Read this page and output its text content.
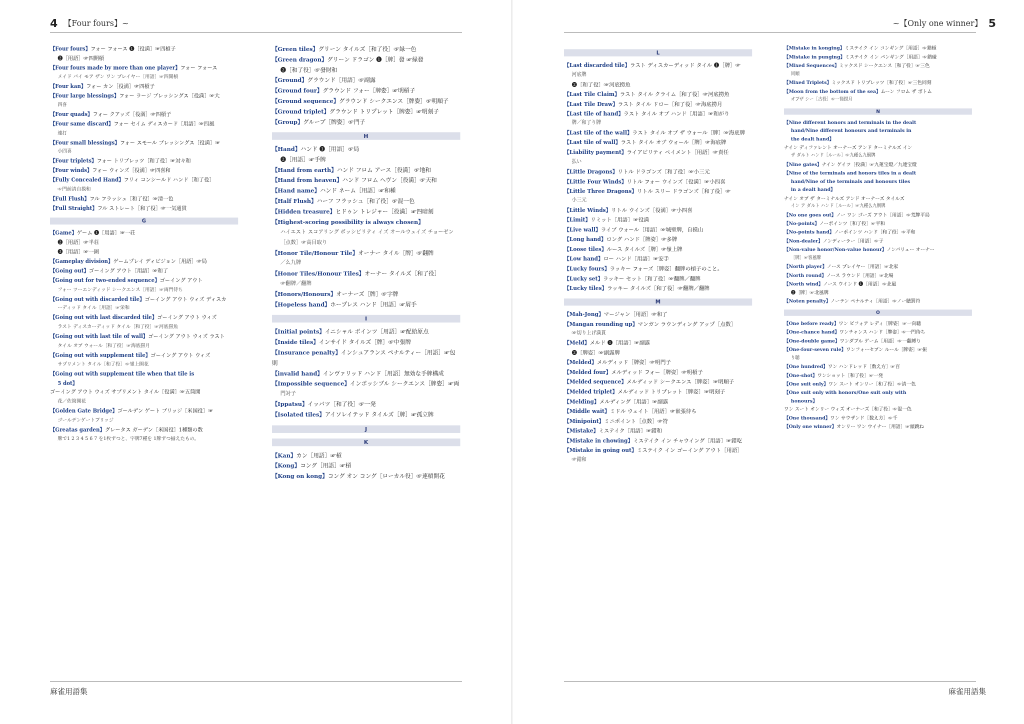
4 【Four fours】~
【Four fours】フォー フォース ❶［役満］☞四槓子
❷［用語］☞四開槓
【Four fours made by more than one player】フォー フォース
メイド バイ モア ザン ワン プレイヤー［用語］☞四開槓
【Four kan】フォー カン［役満］☞四槓子
【Four large blessings】フォー ラージ ブレッシングス［役満］☞大
四喜
【Four quads】フォー クアッズ［役満］☞四槓子
【Four same discard】フォー セイム ディスカード［用語］☞四風
連打
【Four small blessings】フォー スモール ブレッシングス［役満］☞
小四喜
【Four triplets】フォー トリプレッツ［和了役］☞対々和
【Four winds】フォー ウィンズ［役満］☞四喜和
【Fully Concealed Hand】フリィ コンシールド ハンド［和了役］
☞門前清自摸和
【Full Flush】フル フラッシュ［和了役］☞清一色
【Full Straight】フル ストレート［和了役］☞一気通貫
G
【Game】ゲーム ❶［用語］☞一荘
❷［用語］☞半荘
❸［用語］☞一圏
【Gameplay division】ゲームプレイ ディビジョン［用語］☞局
【Going out】ゴーイング アウト［用語］☞和了
【Going out for two-ended sequence】ゴーイング アウト
フォー ツーエンディッド シークエンス［用語］☞両門待ち
【Going out with discarded tile】ゴーイング アウト ウィズ ディスカ
ーディッド タイル［用語］☞栄和
【Going out with last discarded tile】ゴーイング アウト ウィズ
ラスト ディスカーディッド タイル［和了役］☞河底撈魚
【Going out with last tile of wall】ゴーイング アウト ウィズ ラスト
タイル オブ ウォール［和了役］☞海底撈月
【Going out with supplement tile】ゴーイング アウト ウィズ
サプリメント タイル［和了役］☞嶺上開花
【Going out with supplement tile when that tile is
5 dot】
ゴーイング アウト ウィズ サプリメント タイル［役満］☞五筒開
花／佐筒開花
【Golden Gate Bridge】ゴールデン ゲート ブリッジ［米国役］☞
ゴールデンゲートブリッジ
【Greatas garden】グレータス ガーデン［米国役］1種類の数
牌で1 2 3 4 5 6 7 を1枚ずつと、字牌7種を 1牌ずつ揃えたもの。
【Green tiles】グリーン タイルズ［和了役］☞緑一色
【Green dragon】グリーン ドラゴン ❶［牌］發 ☞緑發
❷［和了役］☞發財和
【Ground】グラウンド［用語］☞副露
【Ground four】グラウンド フォー［牌姿］☞明槓子
【Ground sequence】グラウンド シークエンス［牌姿］☞明順子
【Ground triplet】グラウンド トリプレット［牌姿］☞明刻子
【Group】グループ［牌姿］☞門子
H
【Hand】ハンド ❶［用語］☞局
❷［用語］☞手牌
【Hand from earth】ハンド フロム アース［役満］☞地和
【Hand from heaven】ハンド フロム ヘヴン［役満］☞天和
【Hand name】ハンド ネーム［用語］☞和種
【Half Flush】ハーフ フラッシュ［和了役］☞混一色
【Hidden treasure】ヒドゥン トレジャー［役満］☞四暗刻
【Highest-scoring possibility is always chosen】
ハイエスト スコアリング ポッシビリティ イズ オールウェイズ チョーゼン［点数］☞高目取り
【Honor Tile/Honour Tile】オーナー タイル［牌］☞翻牌
／么九牌
【Honor Tiles/Honour Tiles】オーナー タイルズ［和了役］
☞翻牌／翻牌
【Honors/Honours】オーナーズ［牌］☞字牌
【Hopeless hand】ホープレス ハンド［用語］☞屑手
I
【Initial points】イニシャル ポインツ［用語］☞配給原点
【Inside tiles】インサイド タイルズ［牌］☞中張牌
【Insurance penalty】インシュアランス ペナルティー［用語］☞包則
【invalid hand】インヴァリッド ハンド［用語］無効な手牌構成
【Impossible sequence】インポッシブル シークエンス［牌姿］☞両
門対子
【Ippatsu】イッパツ［和了役］☞一発
【Isolated tiles】アイソレイテッド タイルズ［牌］☞孤立牌
J
K
【Kan】カン［用語］☞槓
【Kong】コング［用語］☞槓
【Kong on kong】コング オン コング［ローカル役］☞連槓開花
麻雀用語集
~【Only one winner】 5
L
【Last discarded tile】ラスト ディスカーディッド タイル ❶［牌］☞
河底牌
❷［和了役］☞河底撈魚
【Last Tile Claim】ラスト タイル クライム［和了役］☞河底撈魚
【Last Tile Draw】ラスト タイル ドロー［和了役］☞海底撈月
【Last tile of hand】ラスト タイル オブ ハンド［用語］☞和がり
牌／和了り牌
【Last tile of the wall】ラスト タイル オブ ザ ウォール［牌］☞海底牌
【Last tile of wall】ラスト タイル オブ ウォール［牌］☞海底牌
【Liability payment】ライアビリティ ペイメント［用語］☞責任
払い
【Little Dragons】リトル ドラゴンズ［和了役］☞小三元
【Little Four Winds】リトル フォー ウインズ［役満］☞小四喜
【Little Three Dragons】リトル スリー ドラゴンズ［和了役］☞
小三元
【Little Winds】リトル ウインズ［役満］☞小四喜
【Limit】リミット［用語］☞役満
【Live wall】ライブ ウォール［用語］☞城壁牌，自摸山
【Long hand】ロング ハンド［牌姿］☞多牌
【Loose tiles】ルース タイルズ［牌］☞嶺上牌
【Low hand】ロー ハンド［用語］☞安手
【Lucky fours】ラッキー フォーズ［牌姿］翻牌の槓子のこと。
【Lucky set】ラッキー セット［和了役］☞翻牌／翻牌
【Lucky tiles】ラッキー タイルズ［和了役］☞翻牌／翻牌
M
【Mah-Jong】マージャン［用語］☞和了
【Mangan rounding up】マンガン ラウンディング アップ［点数］
☞切り上げ満貫
【Meld】メルド ❶［用語］☞副露
❷［牌姿］☞副露牌
【Melded】メルディッド［牌姿］☞明門子
【Melded four】メルディッド フォー［牌姿］☞明槓子
【Melded sequence】メルディッド シークエンス［牌姿］☞明順子
【Melded triplet】メルディッド トリプレット［牌姿］☞明刻子
【Melding】メルディング［用語］☞副露
【Middle wait】ミドル ウェイト［用語］☞嵌張待ち
【Minipoint】ミニポイント［点数］☞符
【Mistake】ミステイク［用語］☞錯和
【Mistake in chowing】ミステイク イン チャウイング［用語］☞錯吃
【Mistake in going out】ミステイク イン ゴーイング アウト［用語］
☞錯和
【Mistake in konging】ミステイク イン コンギング［用語］☞錯槓
【Mistake in punging】ミステイク イン パンギング［用語］☞錯碰
【Mixed Sequences】ミックスド シークエンス［和了役］☞三色
同順
【Mixed Triplets】ミックスド トリプレッツ［和了役］☞三色同刻
【Moon from the bottom of the sea】ムーン フロム ザ ボトム
オブザ シー［古役］☞一筒撈月
N
【Nine different honors and terminals in the dealt
hand/Nine different honours and terminals in
the dealt hand】
ナイン ディファレント オーナーズ アンド ターミナルズ イン
ザ ダルト ハンド［ルール］☞九種么九倒牌
【Nine gates】ナイン ゲイツ［役満］☞九蓮宝燈／九連宝燈
【Nine of the terminals and honors tiles in a dealt
hand/Nine of the terminals and honours tiles
in a dealt hand】
ナイン オブ ザ ターミナルズ アンド オーナーズ タイルズ
イン ア ダルト ハンド［ルール］☞九種么九倒牌
【No one goes out】ノー ワン ゴーズ アウト［用語］☞荒牌平局
【No-points】ノーポインツ［和了役］☞平和
【No-points hand】ノーポインツ ハンド［和了役］☞平和
【Non-dealer】ノンディーラー［用語］☞子
【Non-value honor/Non-value honour】ノンバリュー オーナー
［牌］☞客風牌
【North player】ノース プレイヤー［用語］☞北家
【North round】ノース ラウンド［用語］☞北場
【North wind】ノース ウインド ❶［用語］☞北風
❷［牌］☞北風牌
【Noten penalty】ノーテン ペナルティ［用語］☞ノー聴罰符
O
【One before ready】ワン ビフォア レディ［牌姿］☞一向聴
【One-chance hand】ワンチャンス ハンド［牌姿］☞一門待ち
【One-double game】ワンダブル ゲーム［用語］☞一翻縛り
【One-four-seven rule】ワンフォーセブン ルール［牌姿］☞振
り聴
【One hundred】ワン ハンドレッド［数え方］☞百
【One-shot】ワンショット［和了役］☞一発
【One suit only】ワン スート オンリー［和了役］☞清一色
【One suit only with honors/One suit only with
honours】
ワン スート オンリー ウィズ オーナーズ［和了役］☞混一色
【One thousand】ワン サウザンド［数え方］☞千
【Only one winner】オンリー ワン ウイナー［用語］☞頭跳ね
麻雀用語集
